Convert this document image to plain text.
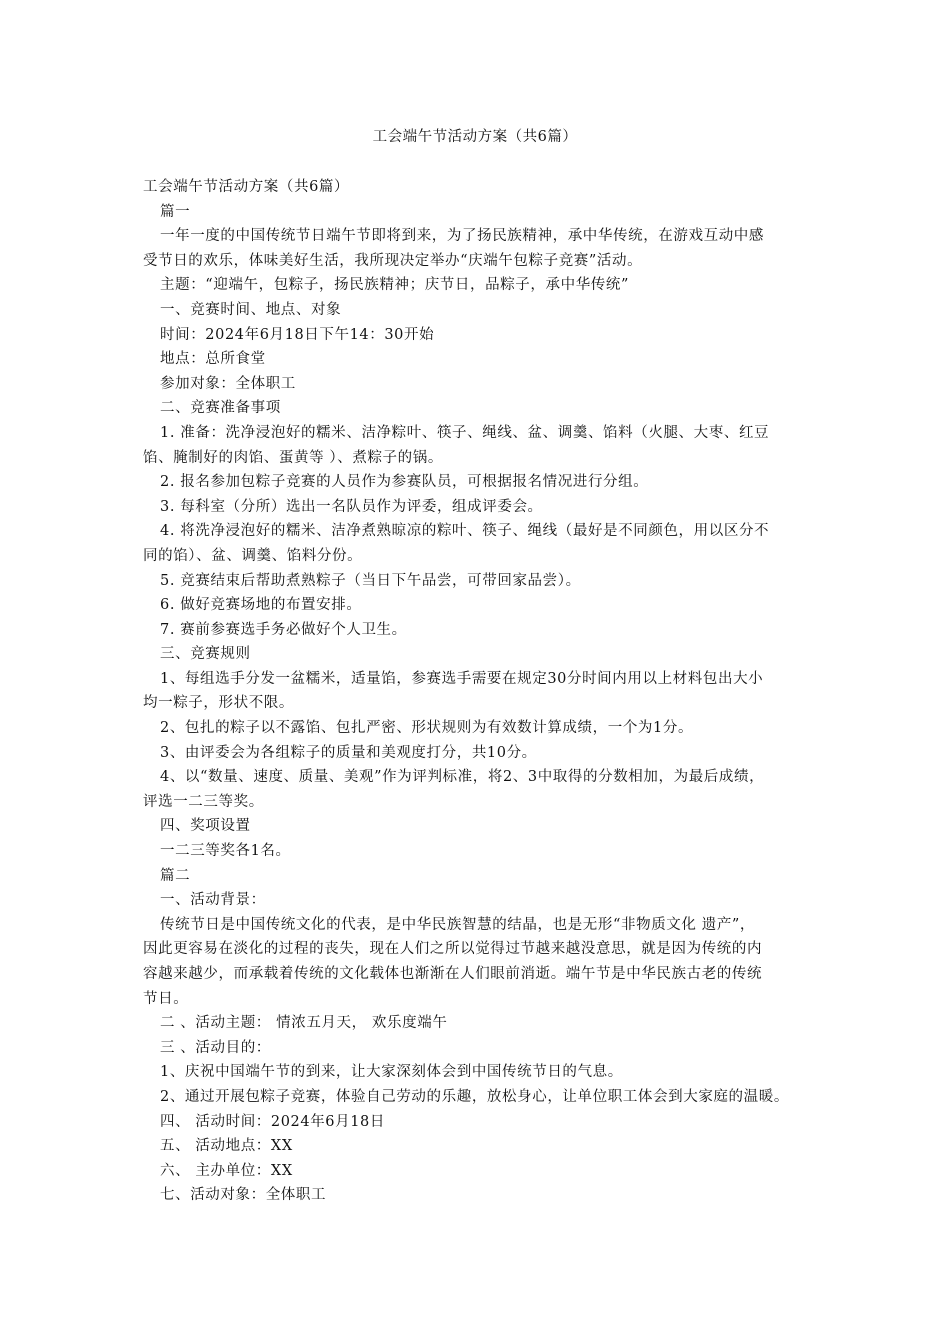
工会端午节活动方案（共6篇）
工会端午节活动方案（共6篇）
篇一
一年一度的中国传统节日端午节即将到来，为了扬民族精神，承中华传统，在游戏互动中感
受节日的欢乐，体味美好生活，我所现决定举办“庆端午包粽子竞赛”活动。
主题：“迎端午，包粽子，扬民族精神；庆节日，品粽子，承中华传统”
一、竞赛时间、地点、对象
时间：2024年6月18日下午14：30开始
地点：总所食堂
参加对象：全体职工
二、竞赛准备事项
1. 准备：洗净浸泡好的糯米、洁净粽叶、筷子、绳线、盆、调羹、馅料（火腿、大枣、红豆
馅、腌制好的肉馅、蛋黄等 ）、煮粽子的锅。
2. 报名参加包粽子竞赛的人员作为参赛队员，可根据报名情况进行分组。
3. 每科室（分所）选出一名队员作为评委，组成评委会。
4. 将洗净浸泡好的糯米、洁净煮熟晾凉的粽叶、筷子、绳线（最好是不同颜色，用以区分不
同的馅）、盆、调羹、馅料分份。
5. 竞赛结束后帮助煮熟粽子（当日下午品尝，可带回家品尝）。
6. 做好竞赛场地的布置安排。
7. 赛前参赛选手务必做好个人卫生。
三、竞赛规则
1、每组选手分发一盆糯米，适量馅，参赛选手需要在规定30分时间内用以上材料包出大小
均一粽子，形状不限。
2、包扎的粽子以不露馅、包扎严密、形状规则为有效数计算成绩，一个为1分。
3、由评委会为各组粽子的质量和美观度打分，共10分。
4、以“数量、速度、质量、美观”作为评判标准，将2、3中取得的分数相加，为最后成绩，
评选一二三等奖。
四、奖项设置
一二三等奖各1名。
篇二
一、活动背景：
传统节日是中国传统文化的代表，是中华民族智慧的结晶，也是无形“非物质文化 遗产”，
因此更容易在淡化的过程的丧失，现在人们之所以觉得过节越来越没意思，就是因为传统的内
容越来越少，而承载着传统的文化载体也渐渐在人们眼前消逝。端午节是中华民族古老的传统
节日。
二 、活动主题： 情浓五月天， 欢乐度端午
三 、活动目的：
1、庆祝中国端午节的到来，让大家深刻体会到中国传统节日的气息。
2、通过开展包粽子竞赛，体验自己劳动的乐趣，放松身心，让单位职工体会到大家庭的温暖。
四、 活动时间：2024年6月18日
五、 活动地点：XX
六、 主办单位：XX
七、活动对象：全体职工
